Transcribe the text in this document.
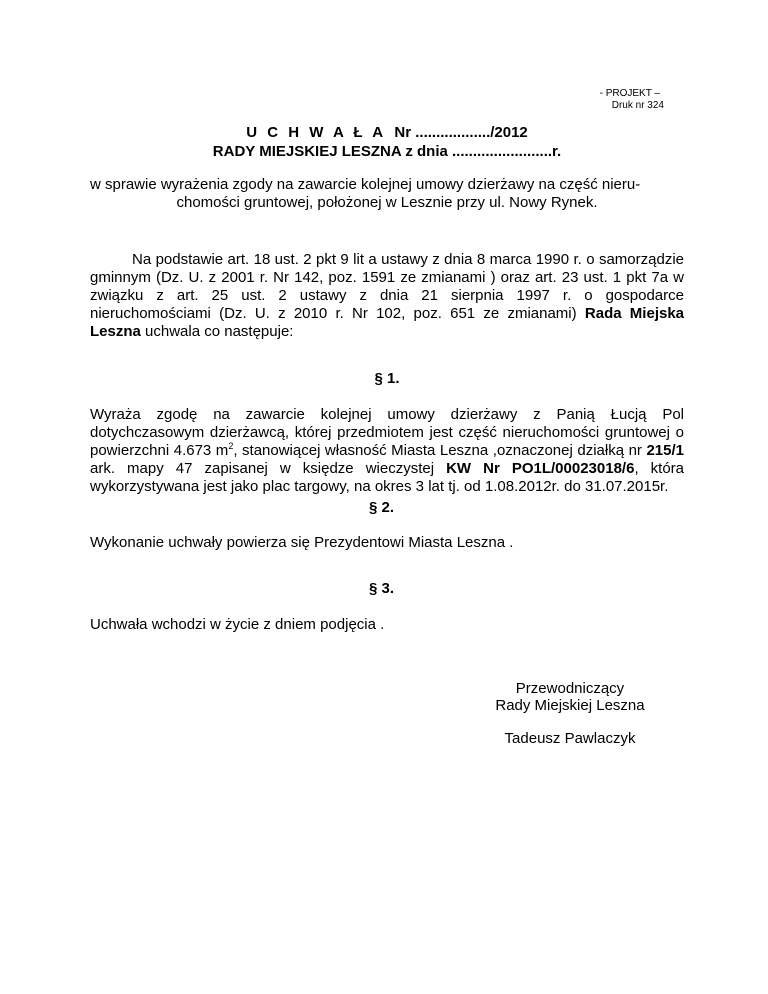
- PROJEKT –
Druk nr 324
U C H W A Ł A Nr ................../2012
RADY MIEJSKIEJ LESZNA z dnia ........................r.
w sprawie wyrażenia zgody na zawarcie kolejnej umowy dzierżawy na część nieru-
chomości gruntowej, położonej w Lesznie przy ul. Nowy Rynek.
Na podstawie art. 18 ust. 2 pkt 9 lit a ustawy z dnia 8 marca 1990 r. o samorządzie gminnym (Dz. U. z 2001 r. Nr 142, poz. 1591 ze zmianami ) oraz art. 23 ust. 1 pkt 7a w związku z art. 25 ust. 2 ustawy z dnia 21 sierpnia 1997 r. o gospodarce nieruchomościami (Dz. U. z 2010 r. Nr 102, poz. 651 ze zmianami) Rada Miejska Leszna uchwala co następuje:
§ 1.
Wyraża zgodę na zawarcie kolejnej umowy dzierżawy z Panią Łucją Pol dotychczasowym dzierżawcą, której przedmiotem jest część nieruchomości gruntowej o powierzchni 4.673 $m^2$, stanowiącej własność Miasta Leszna ,oznaczonej działką nr 215/1 ark. mapy 47 zapisanej w księdze wieczystej KW Nr PO1L/00023018/6, która wykorzystywana jest jako plac targowy, na okres 3 lat tj. od 1.08.2012r. do 31.07.2015r.
§ 2.
Wykonanie uchwały powierza się Prezydentowi Miasta Leszna .
§ 3.
Uchwała wchodzi w życie z dniem podjęcia .
Przewodniczący
Rady Miejskiej Leszna
Tadeusz Pawlaczyk
